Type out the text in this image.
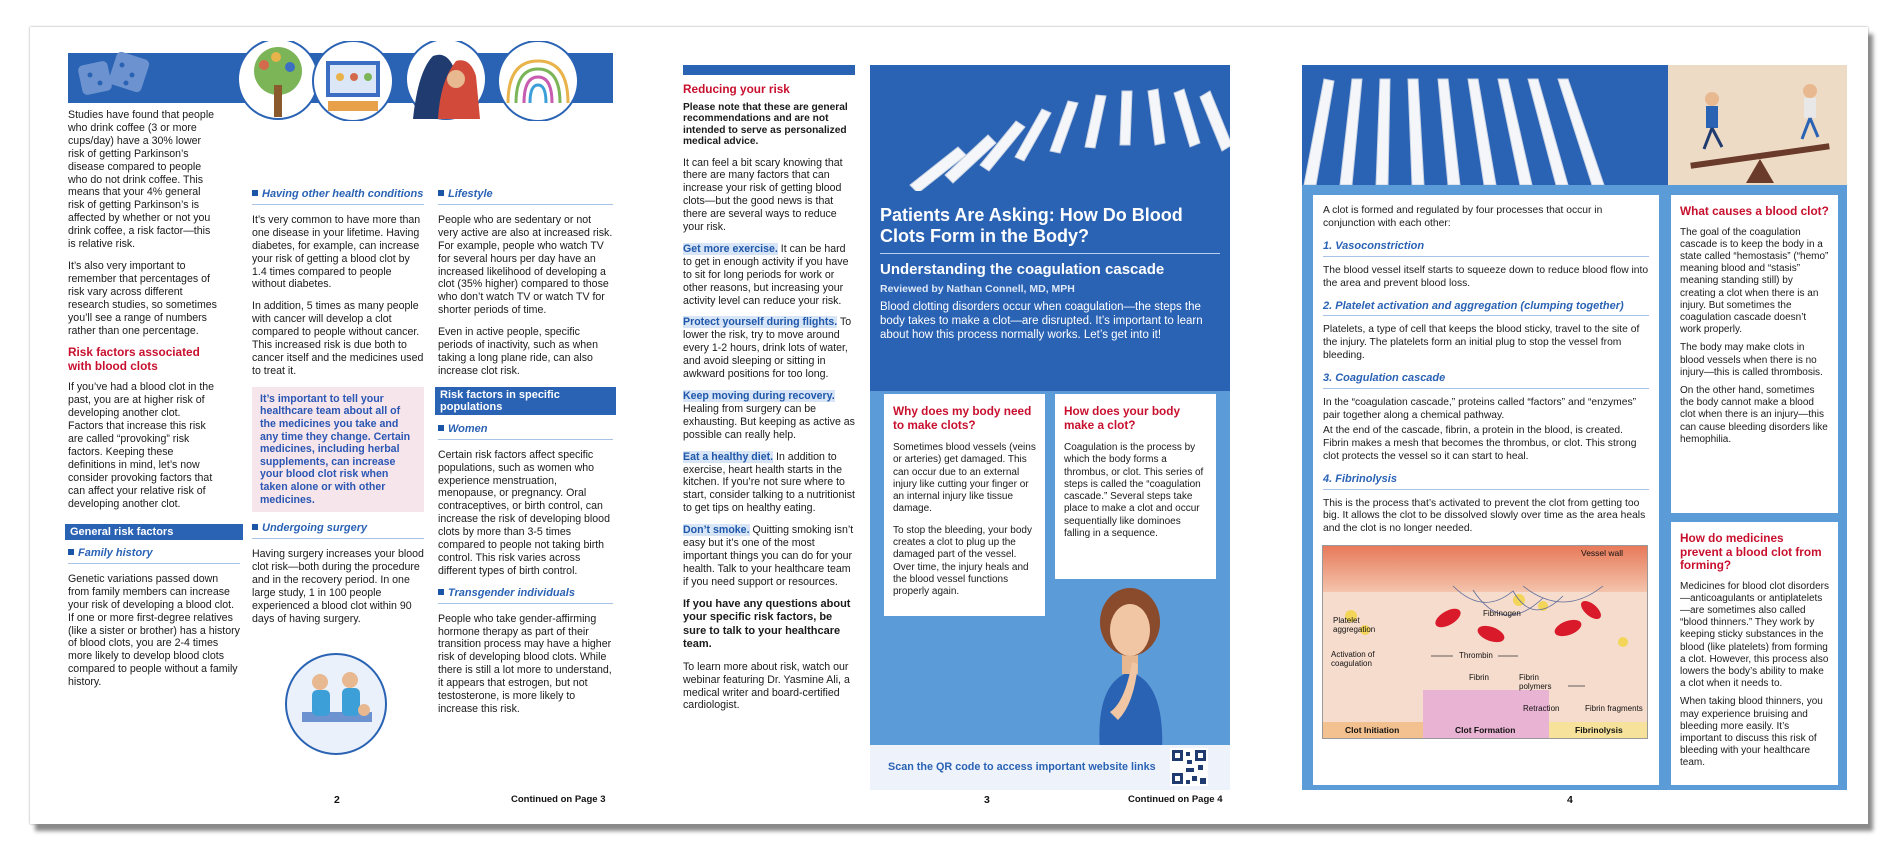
Studies have found that people who drink coffee (3 or more cups/day) have a 30% lower risk of getting Parkinson’s disease compared to people who do not drink coffee. This means that your 4% general risk of getting Parkinson’s is affected by whether or not you drink coffee, a risk factor—this is relative risk.

It’s also very important to remember that percentages of risk vary across different research studies, so sometimes you’ll see a range of numbers rather than one percentage.

Risk factors associated with blood clots

If you’ve had a blood clot in the past, you are at higher risk of developing another clot. Factors that increase this risk are called “provoking” risk factors. Keeping these definitions in mind, let’s now consider provoking factors that can affect your relative risk of developing another clot.

General risk factors
Family history

Genetic variations passed down from family members can increase your risk of developing a blood clot. If one or more first-degree relatives (like a sister or brother) has a history of blood clots, you are 2-4 times more likely to develop blood clots compared to people without a family history.

Having other health conditions

It’s very common to have more than one disease in your lifetime. Having diabetes, for example, can increase your risk of getting a blood clot by 1.4 times compared to people without diabetes.

In addition, 5 times as many people with cancer will develop a clot compared to people without cancer. This increased risk is due both to cancer itself and the medicines used to treat it.

It’s important to tell your healthcare team about all of the medicines you take and any time they change. Certain medicines, including herbal supplements, can increase your blood clot risk when taken alone or with other medicines.
Undergoing surgery

Having surgery increases your blood clot risk—both during the procedure and in the recovery period. In one large study, 1 in 100 people experienced a blood clot within 90 days of having surgery.

Lifestyle

People who are sedentary or not very active are also at increased risk. For example, people who watch TV for several hours per day have an increased likelihood of developing a clot (35% higher) compared to those who don’t watch TV or watch TV for shorter periods of time.

Even in active people, specific periods of inactivity, such as when taking a long plane ride, can also increase clot risk.

Risk factors in specific populations
Women

Certain risk factors affect specific populations, such as women who experience menstruation, menopause, or pregnancy. Oral contraceptives, or birth control, can increase the risk of developing blood clots by more than 3-5 times compared to people not taking birth control. This risk varies across different types of birth control.

Transgender individuals

People who take gender-affirming hormone therapy as part of their transition process may have a higher risk of developing blood clots. While there is still a lot more to understand, it appears that estrogen, but not testosterone, is more likely to increase this risk.

2	Continued on Page 3
Reducing your risk

Please note that these are general recommendations and are not intended to serve as personalized medical advice.

It can feel a bit scary knowing that there are many factors that can increase your risk of getting blood clots—but the good news is that there are several ways to reduce your risk.

Get more exercise. It can be hard to get in enough activity if you have to sit for long periods for work or other reasons, but increasing your activity level can reduce your risk.

Protect yourself during flights. To lower the risk, try to move around every 1-2 hours, drink lots of water, and avoid sleeping or sitting in awkward positions for too long.

Keep moving during recovery. Healing from surgery can be exhausting. But keeping as active as possible can really help.

Eat a healthy diet. In addition to exercise, heart health starts in the kitchen. If you’re not sure where to start, consider talking to a nutritionist to get tips on healthy eating.

Don’t smoke. Quitting smoking isn’t easy but it’s one of the most important things you can do for your health. Talk to your healthcare team if you need support or resources.

If you have any questions about your specific risk factors, be sure to talk to your healthcare team.

To learn more about risk, watch our webinar featuring Dr. Yasmine Ali, a medical writer and board-certified cardiologist.

Patients Are Asking: How Do Blood Clots Form in the Body?
Understanding the coagulation cascade
Reviewed by Nathan Connell, MD, MPH
Blood clotting disorders occur when coagulation—the steps the body takes to make a clot—are disrupted. It’s important to learn about how this process normally works. Let’s get into it!
Why does my body need to make clots?

Sometimes blood vessels (veins or arteries) get damaged. This can occur due to an external injury like cutting your finger or an internal injury like tissue damage.

To stop the bleeding, your body creates a clot to plug up the damaged part of the vessel. Over time, the injury heals and the blood vessel functions properly again.

How does your body make a clot?

Coagulation is the process by which the body forms a thrombus, or clot. This series of steps is called the “coagulation cascade.” Several steps take place to make a clot and occur sequentially like dominoes falling in a sequence.

Scan the QR code to access important website links
3	Continued on Page 4

A clot is formed and regulated by four processes that occur in conjunction with each other:

1. Vasoconstriction

The blood vessel itself starts to squeeze down to reduce blood flow into the area and prevent blood loss.

2. Platelet activation and aggregation (clumping together)

Platelets, a type of cell that keeps the blood sticky, travel to the site of the injury. The platelets form an initial plug to stop the vessel from bleeding.

3. Coagulation cascade

In the “coagulation cascade,” proteins called “factors” and “enzymes” pair together along a chemical pathway.

At the end of the cascade, fibrin, a protein in the blood, is created. Fibrin makes a mesh that becomes the thrombus, or clot. This strong clot protects the vessel so it can start to heal.

4. Fibrinolysis

This is the process that’s activated to prevent the clot from getting too big. It allows the clot to be dissolved slowly over time as the area heals and the clot is no longer needed.

Vessel wall
Platelet aggregation
Activation of coagulation
Thrombin
Fibrinogen
Fibrin	Fibrin polymers
Retraction	Fibrin fragments
Clot Initiation	Clot Formation	Fibrinolysis
What causes a blood clot?

The goal of the coagulation cascade is to keep the body in a state called “hemostasis” (“hemo” meaning blood and “stasis” meaning standing still) by creating a clot when there is an injury. But sometimes the coagulation cascade doesn’t work properly.

The body may make clots in blood vessels when there is no injury—this is called thrombosis.

On the other hand, sometimes the body cannot make a blood clot when there is an injury—this can cause bleeding disorders like hemophilia.

How do medicines prevent a blood clot from forming?

Medicines for blood clot disorders—anticoagulants or antiplatelets—are sometimes also called “blood thinners.” They work by keeping sticky substances in the blood (like platelets) from forming a clot. However, this process also lowers the body’s ability to make a clot when it needs to.

When taking blood thinners, you may experience bruising and bleeding more easily. It’s important to discuss this risk of bleeding with your healthcare team.

4
